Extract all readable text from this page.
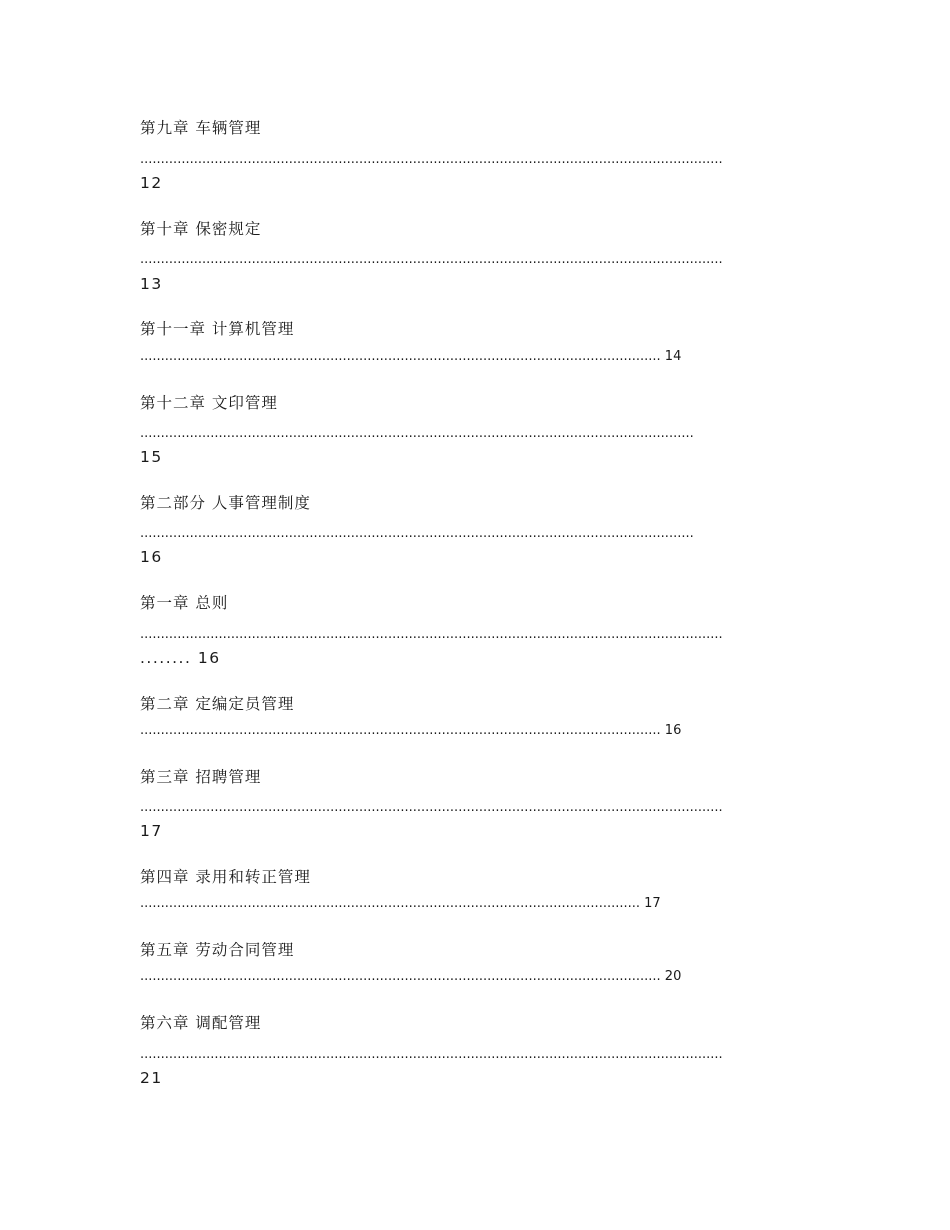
第九章 车辆管理
.............................................................................................................................................
12
第十章 保密规定
.............................................................................................................................................
13
第十一章 计算机管理
.............................................................................................................................. 14
第十二章 文印管理
......................................................................................................................................
15
第二部分 人事管理制度
......................................................................................................................................
16
第一章 总则
.............................................................................................................................................
........ 16
第二章 定编定员管理
.............................................................................................................................. 16
第三章 招聘管理
.............................................................................................................................................
17
第四章 录用和转正管理
......................................................................................................................... 17
第五章 劳动合同管理
.............................................................................................................................. 20
第六章 调配管理
.............................................................................................................................................
21
